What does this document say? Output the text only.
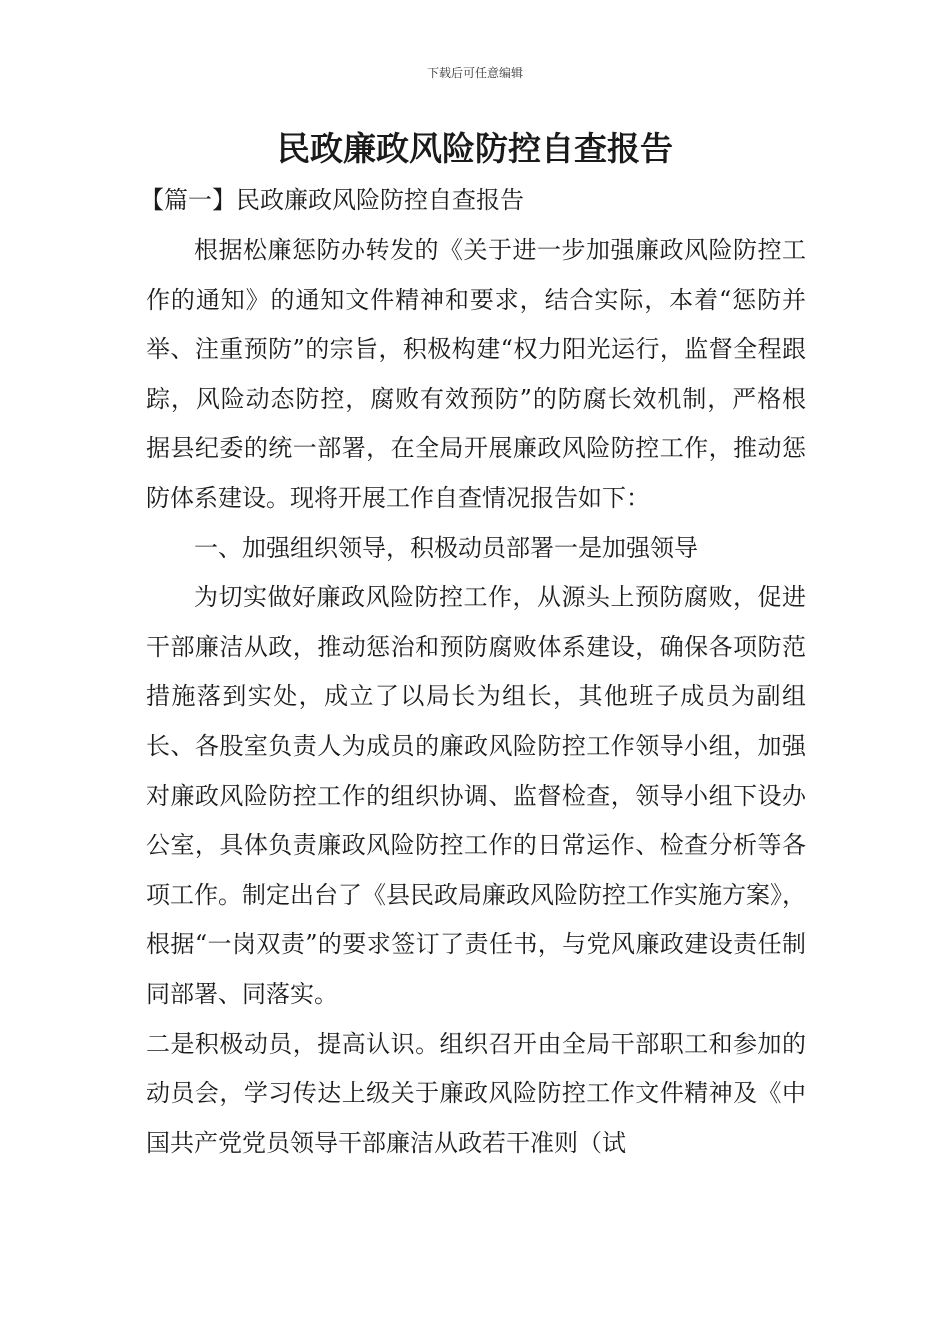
下载后可任意编辑
民政廉政风险防控自查报告
【篇一】民政廉政风险防控自查报告

根据松廉惩防办转发的《关于进一步加强廉政风险防控工作的通知》的通知文件精神和要求，结合实际，本着“惩防并举、注重预防”的宗旨，积极构建“权力阳光运行，监督全程跟踪，风险动态防控，腐败有效预防”的防腐长效机制，严格根据县纪委的统一部署，在全局开展廉政风险防控工作，推动惩防体系建设。现将开展工作自查情况报告如下：

一、加强组织领导，积极动员部署一是加强领导

为切实做好廉政风险防控工作，从源头上预防腐败，促进干部廉洁从政，推动惩治和预防腐败体系建设，确保各项防范措施落到实处，成立了以局长为组长，其他班子成员为副组长、各股室负责人为成员的廉政风险防控工作领导小组，加强对廉政风险防控工作的组织协调、监督检查，领导小组下设办公室，具体负责廉政风险防控工作的日常运作、检查分析等各项工作。制定出台了《县民政局廉政风险防控工作实施方案》，根据“一岗双责”的要求签订了责任书，与党风廉政建设责任制同部署、同落实。

二是积极动员，提高认识。组织召开由全局干部职工和参加的动员会，学习传达上级关于廉政风险防控工作文件精神及《中国共产党党员领导干部廉洁从政若干准则（试
